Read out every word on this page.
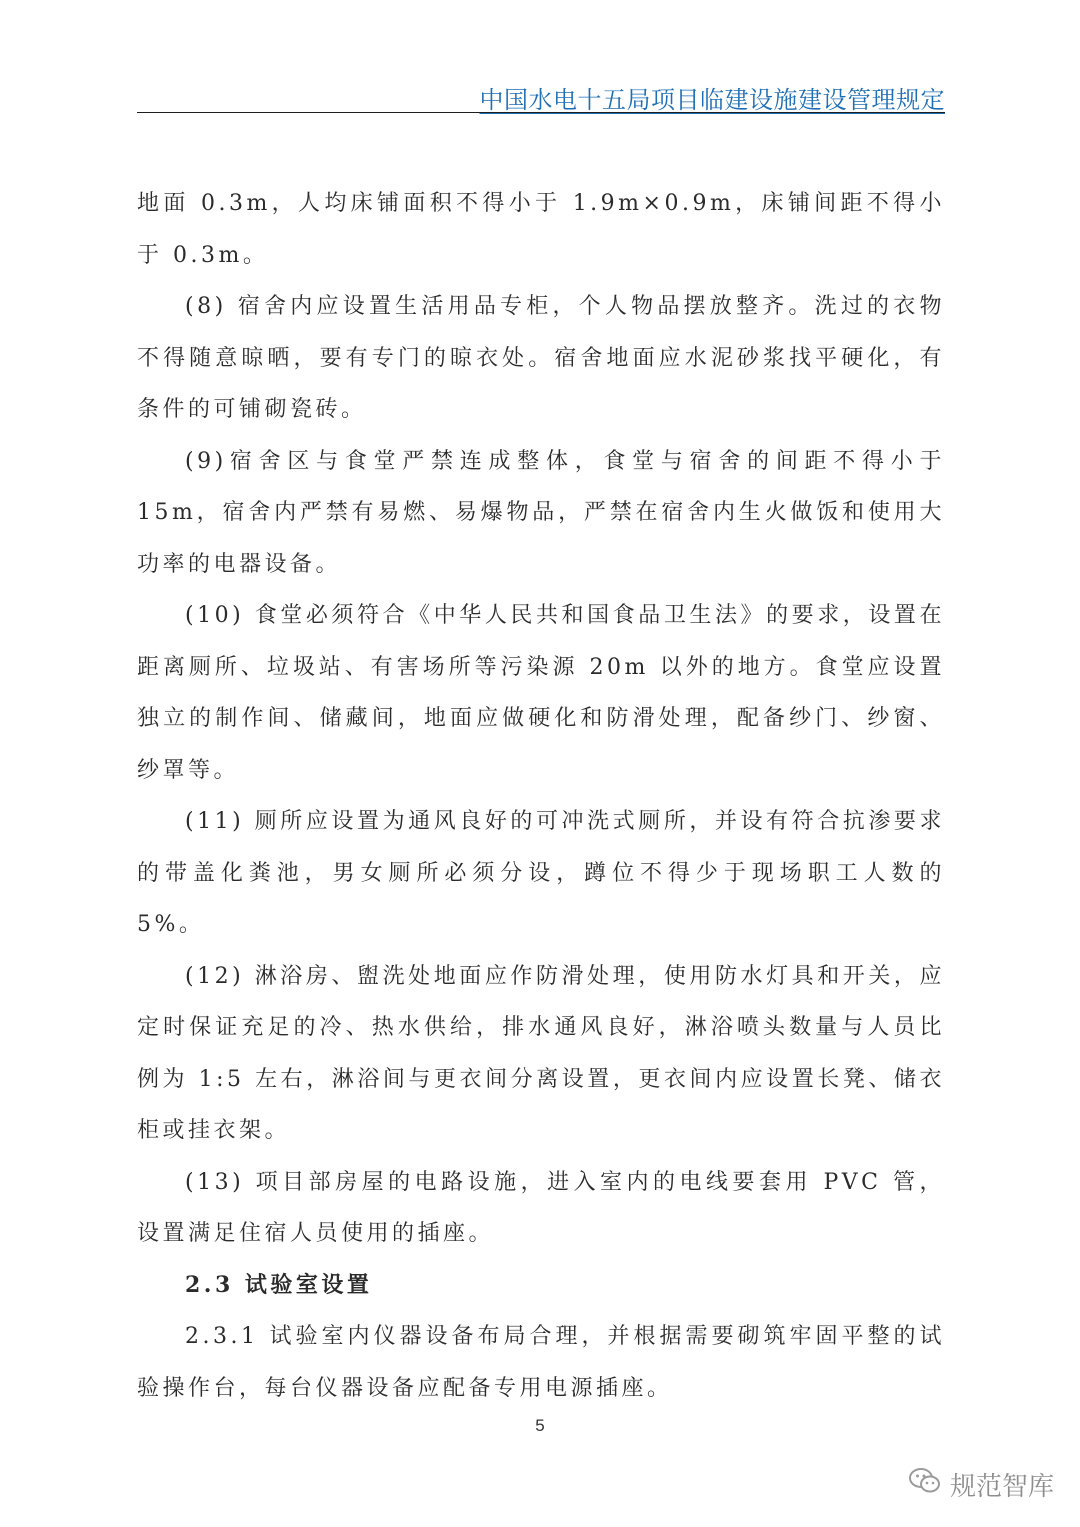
中国水电十五局项目临建设施建设管理规定

地面 0.3m，人均床铺面积不得小于 1.9m×0.9m，床铺间距不得小于 0.3m。

(8) 宿舍内应设置生活用品专柜，个人物品摆放整齐。洗过的衣物不得随意晾晒，要有专门的晾衣处。宿舍地面应水泥砂浆找平硬化，有条件的可铺砌瓷砖。

(9)宿舍区与食堂严禁连成整体，食堂与宿舍的间距不得小于 15m，宿舍内严禁有易燃、易爆物品，严禁在宿舍内生火做饭和使用大功率的电器设备。

(10) 食堂必须符合《中华人民共和国食品卫生法》的要求，设置在距离厕所、垃圾站、有害场所等污染源 20m 以外的地方。食堂应设置独立的制作间、储藏间，地面应做硬化和防滑处理，配备纱门、纱窗、纱罩等。

(11) 厕所应设置为通风良好的可冲洗式厕所，并设有符合抗渗要求的带盖化粪池，男女厕所必须分设，蹲位不得少于现场职工人数的 5%。

(12) 淋浴房、盥洗处地面应作防滑处理，使用防水灯具和开关，应定时保证充足的冷、热水供给，排水通风良好，淋浴喷头数量与人员比例为 1:5 左右，淋浴间与更衣间分离设置，更衣间内应设置长凳、储衣柜或挂衣架。

(13) 项目部房屋的电路设施，进入室内的电线要套用 PVC 管，设置满足住宿人员使用的插座。

2.3 试验室设置

2.3.1 试验室内仪器设备布局合理，并根据需要砌筑牢固平整的试验操作台，每台仪器设备应配备专用电源插座。

5
规范智库
